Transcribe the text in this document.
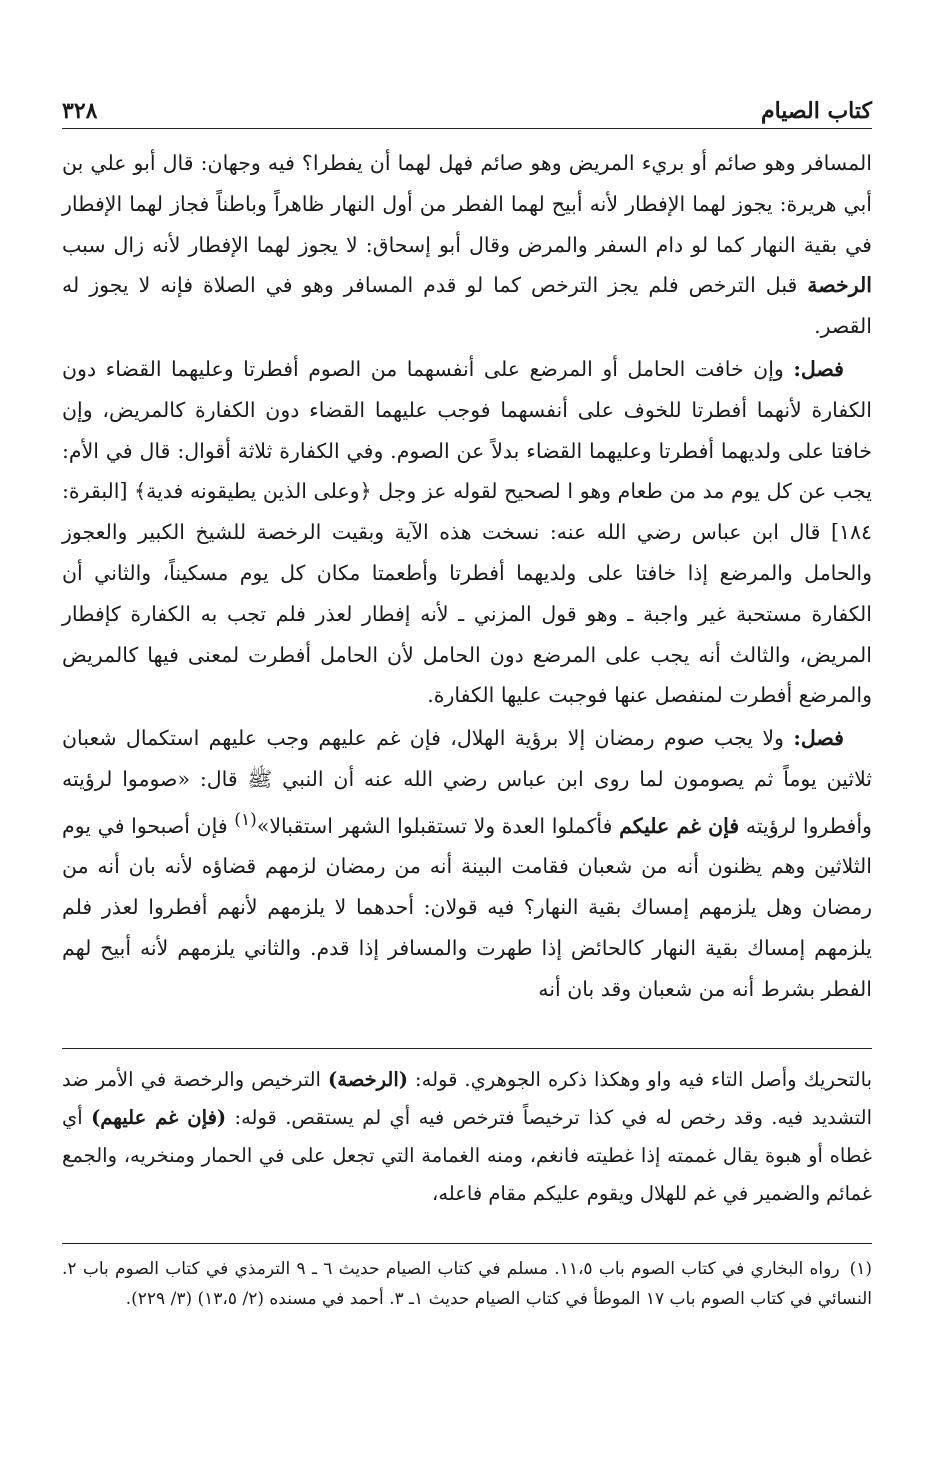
كتاب الصيام
٣٢٨

المسافر وهو صائم أو بريء المريض وهو صائم فهل لهما أن يفطرا؟ فيه وجهان: قال أبو علي بن أبي هريرة: يجوز لهما الإفطار لأنه أبيح لهما الفطر من أول النهار ظاهراً وباطناً فجاز لهما الإفطار في بقية النهار كما لو دام السفر والمرض وقال أبو إسحاق: لا يجوز لهما الإفطار لأنه زال سبب الرخصة قبل الترخص فلم يجز الترخص كما لو قدم المسافر وهو في الصلاة فإنه لا يجوز له القصر.

فصل: وإن خافت الحامل أو المرضع على أنفسهما من الصوم أفطرتا وعليهما القضاء دون الكفارة لأنهما أفطرتا للخوف على أنفسهما فوجب عليهما القضاء دون الكفارة كالمريض، وإن خافتا على ولديهما أفطرتا وعليهما القضاء بدلاً عن الصوم. وفي الكفارة ثلاثة أقوال: قال في الأم: يجب عن كل يوم مد من طعام وهو ا لصحيح لقوله عز وجل ﴿وعلى الذين يطيقونه فدية﴾ [البقرة: ١٨٤] قال ابن عباس رضي الله عنه: نسخت هذه الآية وبقيت الرخصة للشيخ الكبير والعجوز والحامل والمرضع إذا خافتا على ولديهما أفطرتا وأطعمتا مكان كل يوم مسكيناً، والثاني أن الكفارة مستحبة غير واجبة ـ وهو قول المزني ـ لأنه إفطار لعذر فلم تجب به الكفارة كإفطار المريض، والثالث أنه يجب على المرضع دون الحامل لأن الحامل أفطرت لمعنى فيها كالمريض والمرضع أفطرت لمنفصل عنها فوجبت عليها الكفارة.

فصل: ولا يجب صوم رمضان إلا برؤية الهلال، فإن غم عليهم وجب عليهم استكمال شعبان ثلاثين يوماً ثم يصومون لما روى ابن عباس رضي الله عنه أن النبي ﷺ قال: «صوموا لرؤيته وأفطروا لرؤيته فإن غم عليكم فأكملوا العدة ولا تستقبلوا الشهر استقبالا»$^{(١)}$ فإن أصبحوا في يوم الثلاثين وهم يظنون أنه من شعبان فقامت البينة أنه من رمضان لزمهم قضاؤه لأنه بان أنه من رمضان وهل يلزمهم إمساك بقية النهار؟ فيه قولان: أحدهما لا يلزمهم لأنهم أفطروا لعذر فلم يلزمهم إمساك بقية النهار كالحائض إذا طهرت والمسافر إذا قدم. والثاني يلزمهم لأنه أبيح لهم الفطر بشرط أنه من شعبان وقد بان أنه

بالتحريك وأصل التاء فيه واو وهكذا ذكره الجوهري. قوله: (الرخصة) الترخيص والرخصة في الأمر ضد التشديد فيه. وقد رخص له في كذا ترخيصاً فترخص فيه أي لم يستقص. قوله: (فإن غم عليهم) أي غطاه أو هبوة يقال غممته إذا غطيته فانغم، ومنه الغمامة التي تجعل على في الحمار ومنخريه، والجمع غمائم والضمير في غم للهلال ويقوم عليكم مقام فاعله،

(١)رواه البخاري في كتاب الصوم باب ١١،٥. مسلم في كتاب الصيام حديث ٦ ـ ٩ الترمذي في كتاب الصوم باب ٢. النسائي في كتاب الصوم باب ١٧ الموطأ في كتاب الصيام حديث ١ـ ٣. أحمد في مسنده (٢/ ١٣،٥) (٣/ ٢٢٩).
